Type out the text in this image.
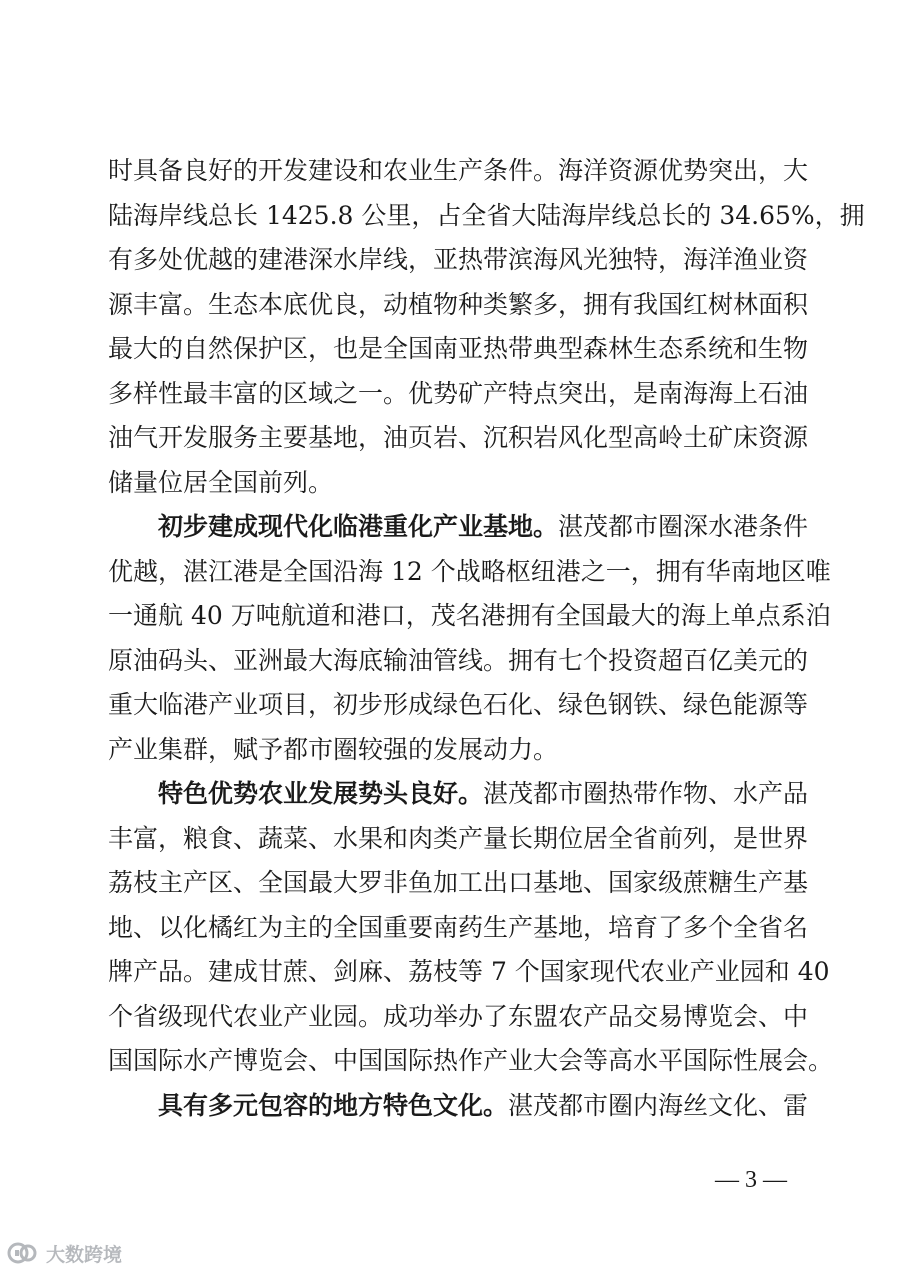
时具备良好的开发建设和农业生产条件。海洋资源优势突出，大
陆海岸线总长 1425.8 公里，占全省大陆海岸线总长的 34.65%，拥
有多处优越的建港深水岸线，亚热带滨海风光独特，海洋渔业资
源丰富。生态本底优良，动植物种类繁多，拥有我国红树林面积
最大的自然保护区，也是全国南亚热带典型森林生态系统和生物
多样性最丰富的区域之一。优势矿产特点突出，是南海海上石油
油气开发服务主要基地，油页岩、沉积岩风化型高岭土矿床资源
储量位居全国前列。
初步建成现代化临港重化产业基地。湛茂都市圈深水港条件
优越，湛江港是全国沿海 12 个战略枢纽港之一，拥有华南地区唯
一通航 40 万吨航道和港口，茂名港拥有全国最大的海上单点系泊
原油码头、亚洲最大海底输油管线。拥有七个投资超百亿美元的
重大临港产业项目，初步形成绿色石化、绿色钢铁、绿色能源等
产业集群，赋予都市圈较强的发展动力。
特色优势农业发展势头良好。湛茂都市圈热带作物、水产品
丰富，粮食、蔬菜、水果和肉类产量长期位居全省前列，是世界
荔枝主产区、全国最大罗非鱼加工出口基地、国家级蔗糖生产基
地、以化橘红为主的全国重要南药生产基地，培育了多个全省名
牌产品。建成甘蔗、剑麻、荔枝等 7 个国家现代农业产业园和 40
个省级现代农业产业园。成功举办了东盟农产品交易博览会、中
国国际水产博览会、中国国际热作产业大会等高水平国际性展会。
具有多元包容的地方特色文化。湛茂都市圈内海丝文化、雷
— 3 —
大数跨境
